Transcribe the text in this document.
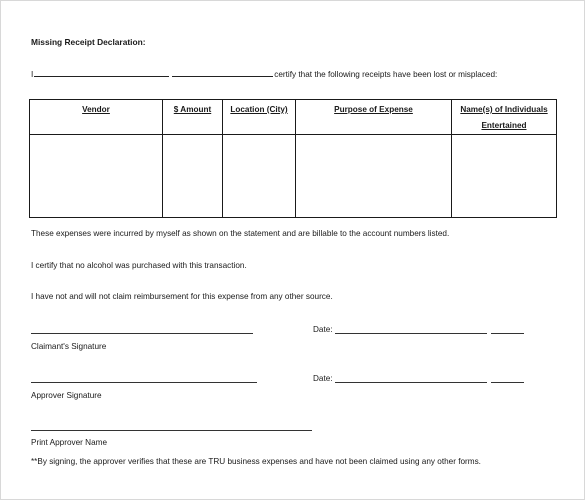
Missing Receipt Declaration:
I	certify that the following receipts have been lost or misplaced:
Vendor	$ Amount	Location (City)	Purpose of Expense	Name(s) of Individuals Entertained

These expenses were incurred by myself as shown on the statement and are billable to the account numbers listed.
I certify that no alcohol was purchased with this transaction.
I have not and will not claim reimbursement for this expense from any other source.
Date:
Claimant's Signature
Date:
Approver Signature
Print Approver Name
**By signing, the approver verifies that these are TRU business expenses and have not been claimed using any other forms.
